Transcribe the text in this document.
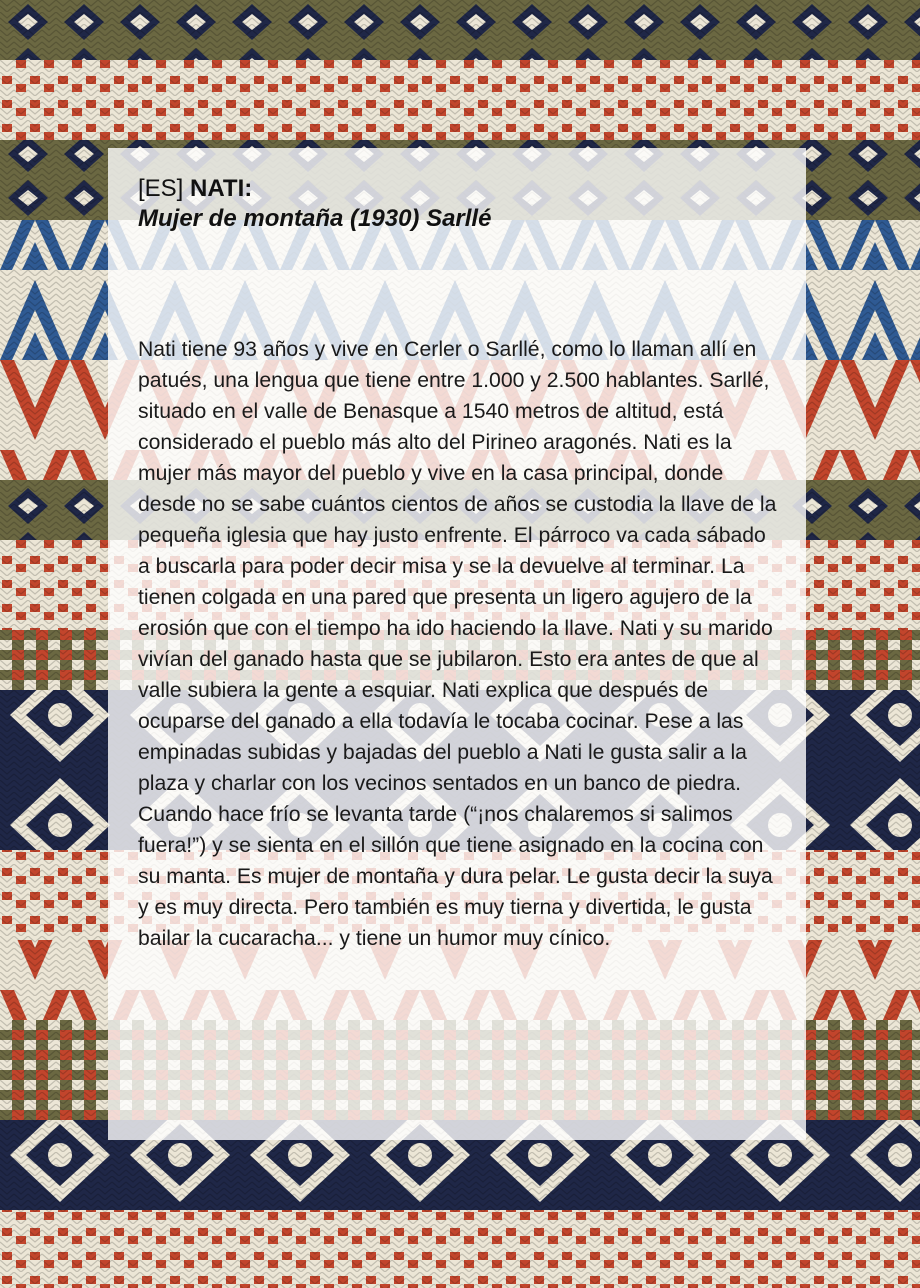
[ES] NATI:
Mujer de montaña (1930) Sarllé

Nati tiene 93 años y vive en Cerler o Sarllé, como lo llaman allí en patués, una lengua que tiene entre 1.000 y 2.500 hablantes. Sarllé, situado en el valle de Benasque a 1540 metros de altitud, está considerado el pueblo más alto del Pirineo aragonés. Nati es la mujer más mayor del pueblo y vive en la casa principal, donde desde no se sabe cuántos cientos de años se custodia la llave de la pequeña iglesia que hay justo enfrente. El párroco va cada sábado a buscarla para poder decir misa y se la devuelve al terminar. La tienen colgada en una pared que presenta un ligero agujero de la erosión que con el tiempo ha ido haciendo la llave. Nati y su marido vivían del ganado hasta que se jubilaron. Esto era antes de que al valle subiera la gente a esquiar. Nati explica que después de ocuparse del ganado a ella todavía le tocaba cocinar. Pese a las empinadas subidas y bajadas del pueblo a Nati le gusta salir a la plaza y charlar con los vecinos sentados en un banco de piedra.

Cuando hace frío se levanta tarde (“¡nos chalaremos si salimos fuera!”) y se sienta en el sillón que tiene asignado en la cocina con su manta. Es mujer de montaña y dura pelar. Le gusta decir la suya y es muy directa. Pero también es muy tierna y divertida, le gusta bailar la cucaracha... y tiene un humor muy cínico.
